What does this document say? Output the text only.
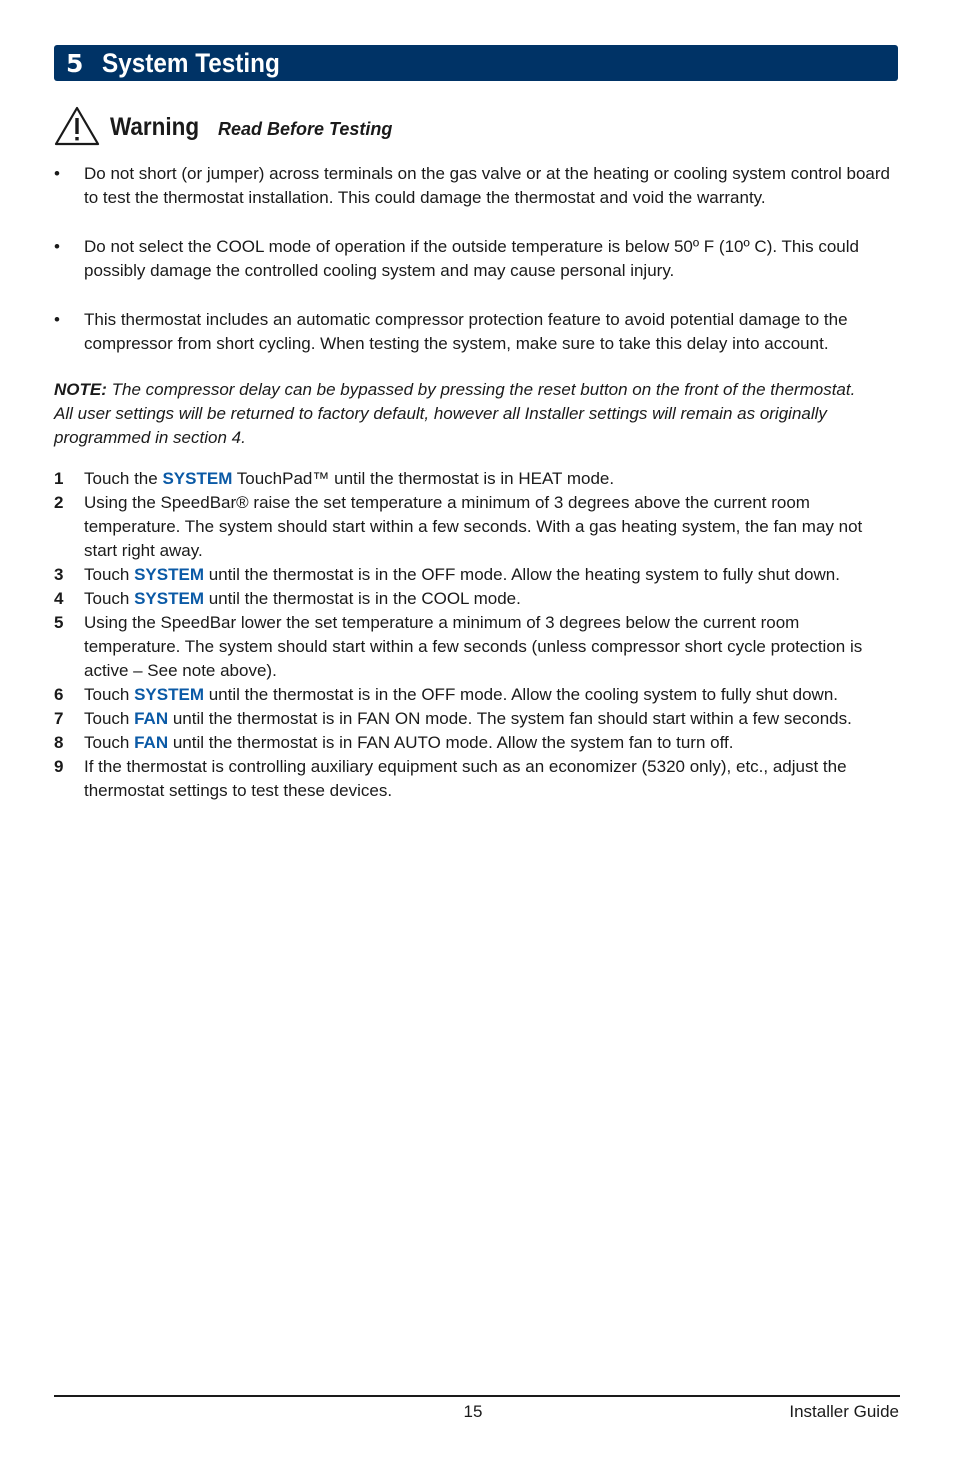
5 System Testing
Warning Read Before Testing
•	Do not short (or jumper) across terminals on the gas valve or at the heating or cooling system control board to test the thermostat installation. This could damage the thermostat and void the warranty.
•	Do not select the COOL mode of operation if the outside temperature is below 50º F (10º C). This could possibly damage the controlled cooling system and may cause personal injury.
•	This thermostat includes an automatic compressor protection feature to avoid potential damage to the compressor from short cycling. When testing the system, make sure to take this delay into account.
NOTE: The compressor delay can be bypassed by pressing the reset button on the front of the thermostat. All user settings will be returned to factory default, however all Installer settings will remain as originally programmed in section 4.
1 Touch the SYSTEM TouchPad™ until the thermostat is in HEAT mode.
2 Using the SpeedBar® raise the set temperature a minimum of 3 degrees above the current room temperature. The system should start within a few seconds. With a gas heating system, the fan may not start right away.
3 Touch SYSTEM until the thermostat is in the OFF mode. Allow the heating system to fully shut down.
4 Touch SYSTEM until the thermostat is in the COOL mode.
5 Using the SpeedBar lower the set temperature a minimum of 3 degrees below the current room temperature. The system should start within a few seconds (unless compressor short cycle protection is active – See note above).
6 Touch SYSTEM until the thermostat is in the OFF mode. Allow the cooling system to fully shut down.
7 Touch FAN until the thermostat is in FAN ON mode. The system fan should start within a few seconds.
8 Touch FAN until the thermostat is in FAN AUTO mode. Allow the system fan to turn off.
9 If the thermostat is controlling auxiliary equipment such as an economizer (5320 only), etc., adjust the thermostat settings to test these devices.
15	Installer Guide
